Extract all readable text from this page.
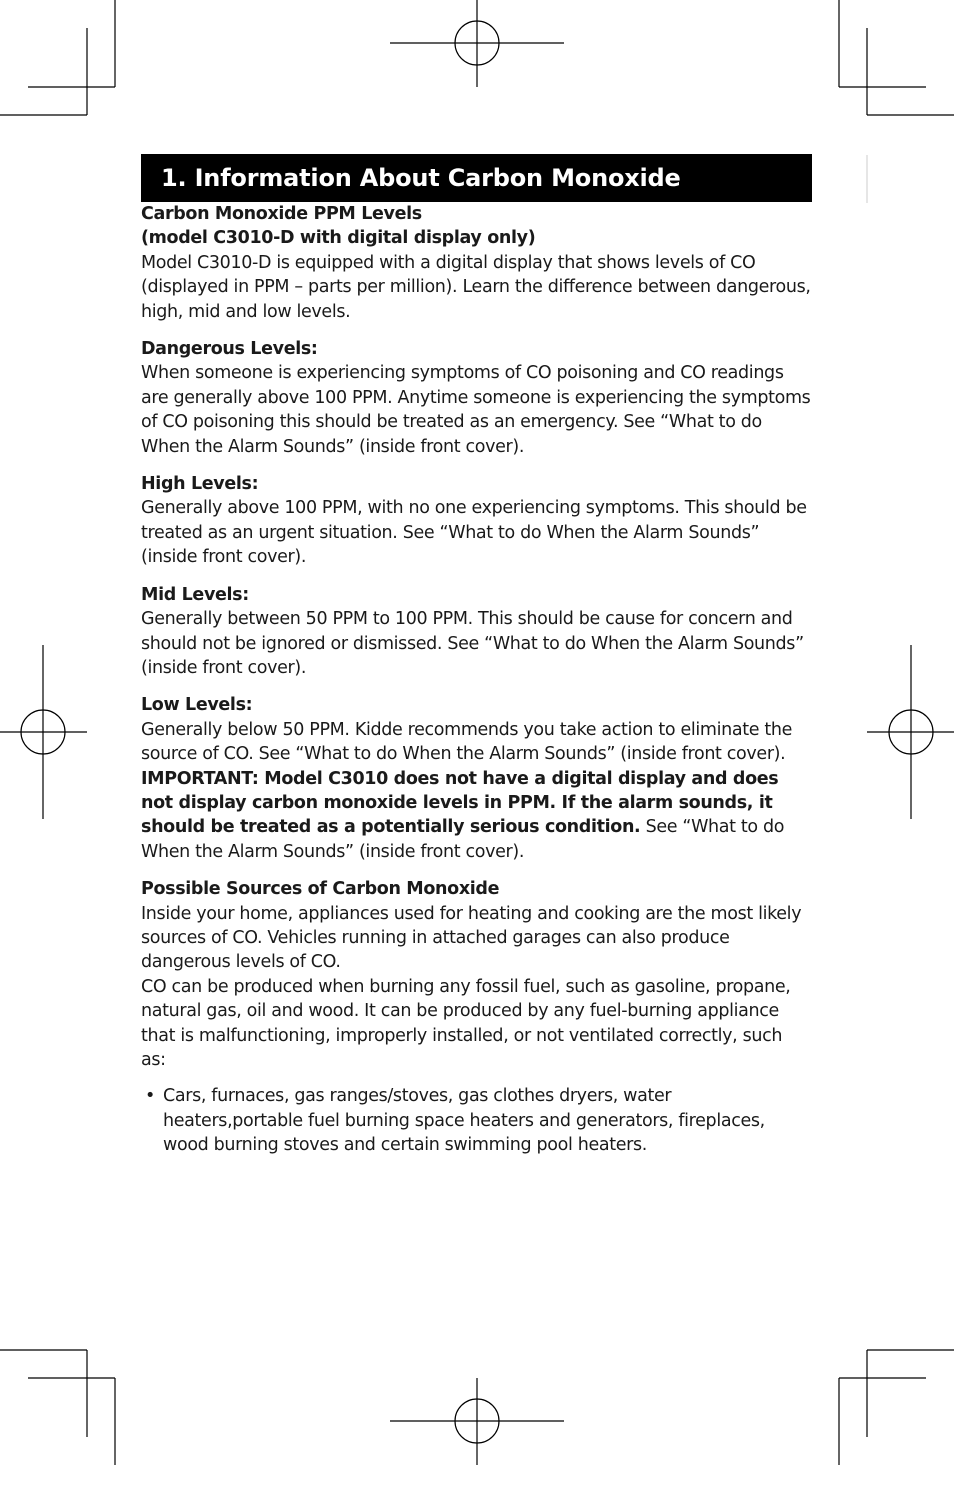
1. Information About Carbon Monoxide

Carbon Monoxide PPM Levels

(model C3010-D with digital display only)

Model C3010-D is equipped with a digital display that shows levels of CO (displayed in PPM – parts per million). Learn the difference between dangerous, high, mid and low levels.

Dangerous Levels:

When someone is experiencing symptoms of CO poisoning and CO readings are generally above 100 PPM. Anytime someone is experiencing the symptoms of CO poisoning this should be treated as an emergency. See “What to do When the Alarm Sounds” (inside front cover).

High Levels:

Generally above 100 PPM, with no one experiencing symptoms. This should be treated as an urgent situation. See “What to do When the Alarm Sounds” (inside front cover).

Mid Levels:

Generally between 50 PPM to 100 PPM. This should be cause for concern and should not be ignored or dismissed. See “What to do When the Alarm Sounds” (inside front cover).

Low Levels:

Generally below 50 PPM. Kidde recommends you take action to eliminate the source of CO. See “What to do When the Alarm Sounds” (inside front cover).

IMPORTANT: Model C3010 does not have a digital display and does not display carbon monoxide levels in PPM. If the alarm sounds, it should be treated as a potentially serious condition. See “What to do When the Alarm Sounds” (inside front cover).

Possible Sources of Carbon Monoxide

Inside your home, appliances used for heating and cooking are the most likely sources of CO. Vehicles running in attached garages can also produce dangerous levels of CO.

CO can be produced when burning any fossil fuel, such as gasoline, propane, natural gas, oil and wood. It can be produced by any fuel-burning appliance that is malfunctioning, improperly installed, or not ventilated correctly, such as:

• Cars, furnaces, gas ranges/stoves, gas clothes dryers, water heaters,portable fuel burning space heaters and generators, fireplaces, wood burning stoves and certain swimming pool heaters.
